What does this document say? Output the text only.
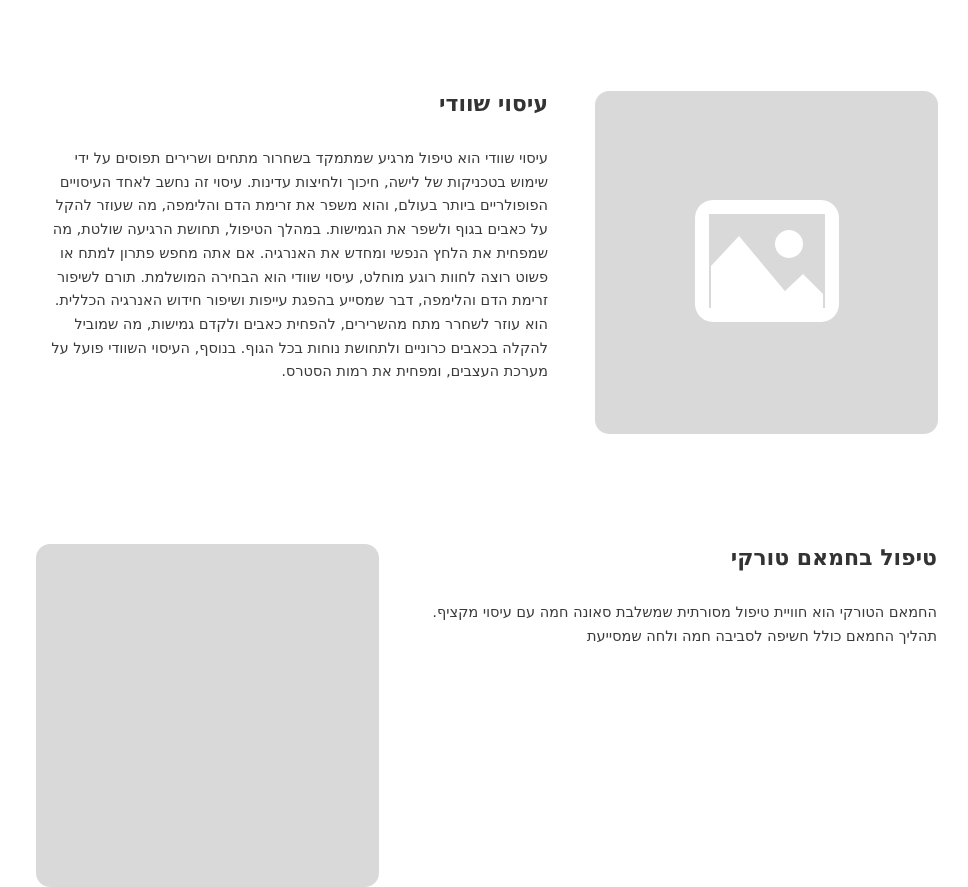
עיסוי שוודי

עיסוי שוודי הוא טיפול מרגיע שמתמקד בשחרור מתחים ושרירים תפוסים על ידי שימוש בטכניקות של לישה, חיכוך ולחיצות עדינות. עיסוי זה נחשב לאחד העיסויים הפופולריים ביותר בעולם, והוא משפר את זרימת הדם והלימפה, מה שעוזר להקל על כאבים בגוף ולשפר את הגמישות. במהלך הטיפול, תחושת הרגיעה שולטת, מה שמפחית את הלחץ הנפשי ומחדש את האנרגיה. אם אתה מחפש פתרון למתח או פשוט רוצה לחוות רוגע מוחלט, עיסוי שוודי הוא הבחירה המושלמת. תורם לשיפור זרימת הדם והלימפה, דבר שמסייע בהפגת עייפות ושיפור חידוש האנרגיה הכללית. הוא עוזר לשחרר מתח מהשרירים, להפחית כאבים ולקדם גמישות, מה שמוביל להקלה בכאבים כרוניים ולתחושת נוחות בכל הגוף. בנוסף, העיסוי השוודי פועל על מערכת העצבים, ומפחית את רמות הסטרס.

טיפול בחמאם טורקי

החמאם הטורקי הוא חוויית טיפול מסורתית שמשלבת סאונה חמה עם עיסוי מקציף. תהליך החמאם כולל חשיפה לסביבה חמה ולחה שמסייעת
